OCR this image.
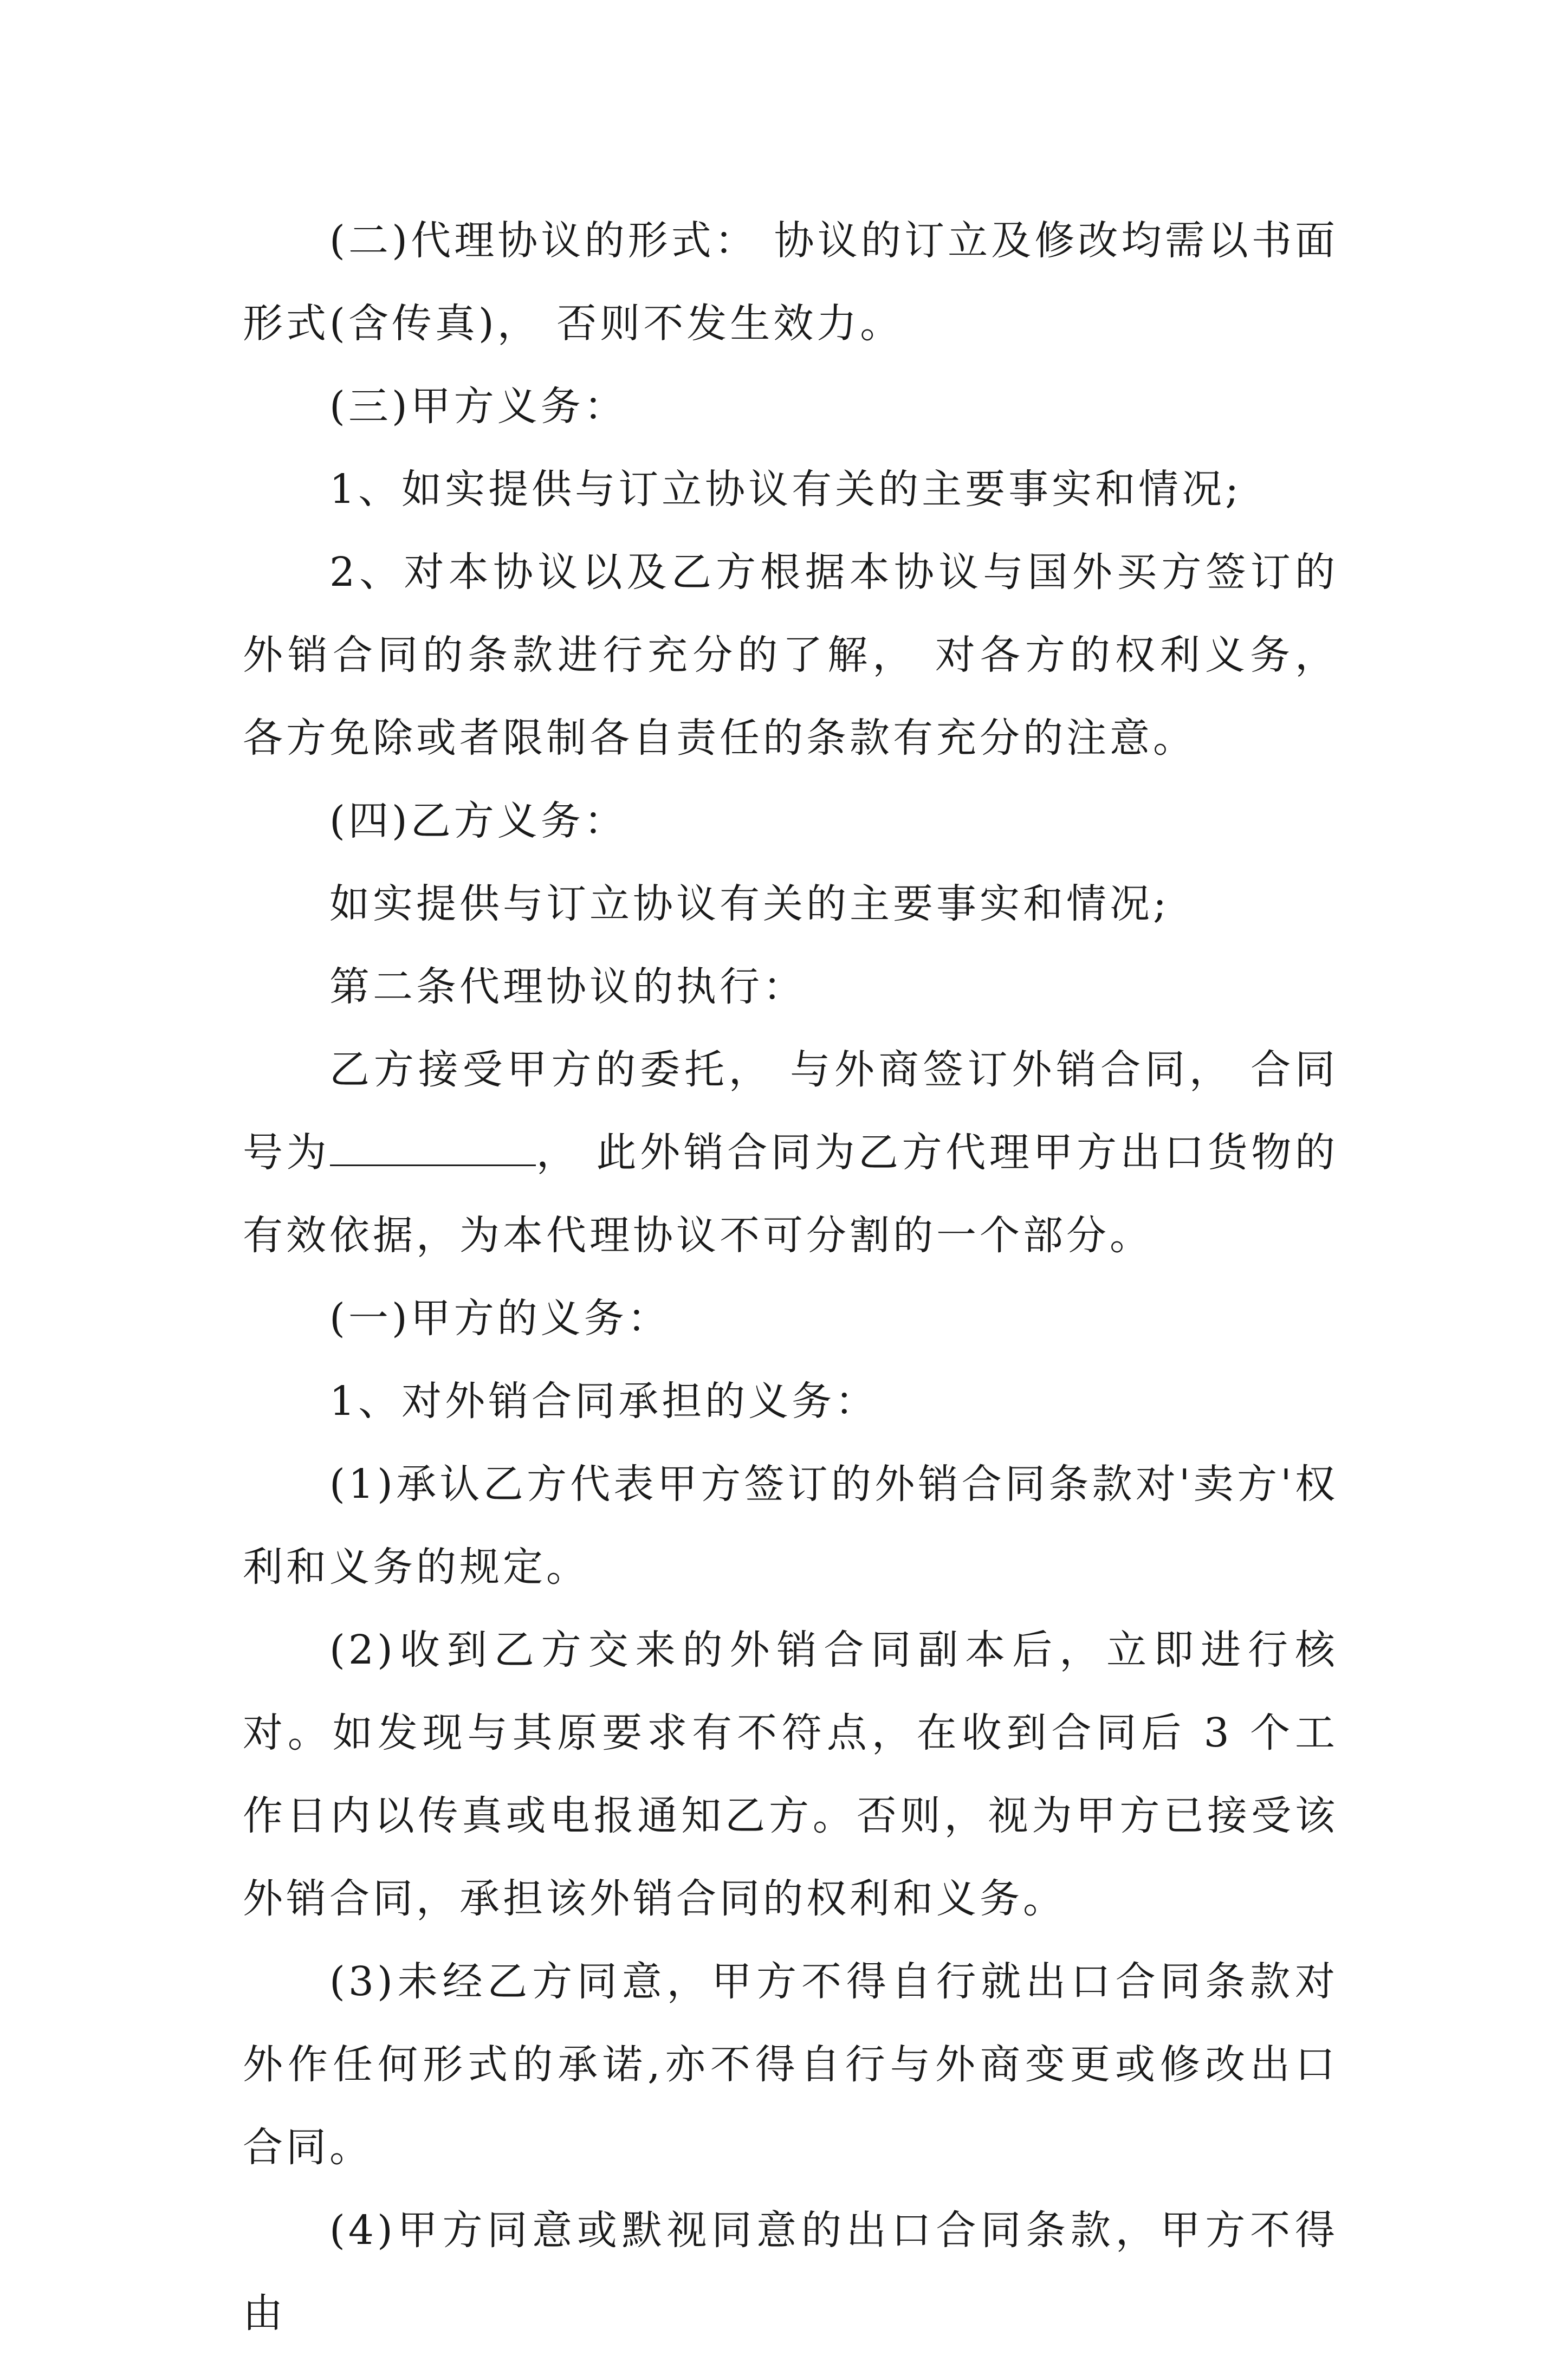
(二)代理协议的形式： 协议的订立及修改均需以书面形式(含传真)， 否则不发生效力。

(三)甲方义务：

1、如实提供与订立协议有关的主要事实和情况;

2、对本协议以及乙方根据本协议与国外买方签订的外销合同的条款进行充分的了解， 对各方的权利义务， 各方免除或者限制各自责任的条款有充分的注意。

(四)乙方义务：

如实提供与订立协议有关的主要事实和情况;

第二条代理协议的执行：

乙方接受甲方的委托， 与外商签订外销合同， 合同号为	， 此外销合同为乙方代理甲方出口货物的有效依据，为本代理协议不可分割的一个部分。

(一)甲方的义务：

1、对外销合同承担的义务：

(1)承认乙方代表甲方签订的外销合同条款对'卖方'权利和义务的规定。

(2)收到乙方交来的外销合同副本后，立即进行核对。如发现与其原要求有不符点，在收到合同后 3 个工作日内以传真或电报通知乙方。否则，视为甲方已接受该外销合同，承担该外销合同的权利和义务。

(3)未经乙方同意，甲方不得自行就出口合同条款对外作任何形式的承诺,亦不得自行与外商变更或修改出口合同。

(4)甲方同意或默视同意的出口合同条款，甲方不得由
